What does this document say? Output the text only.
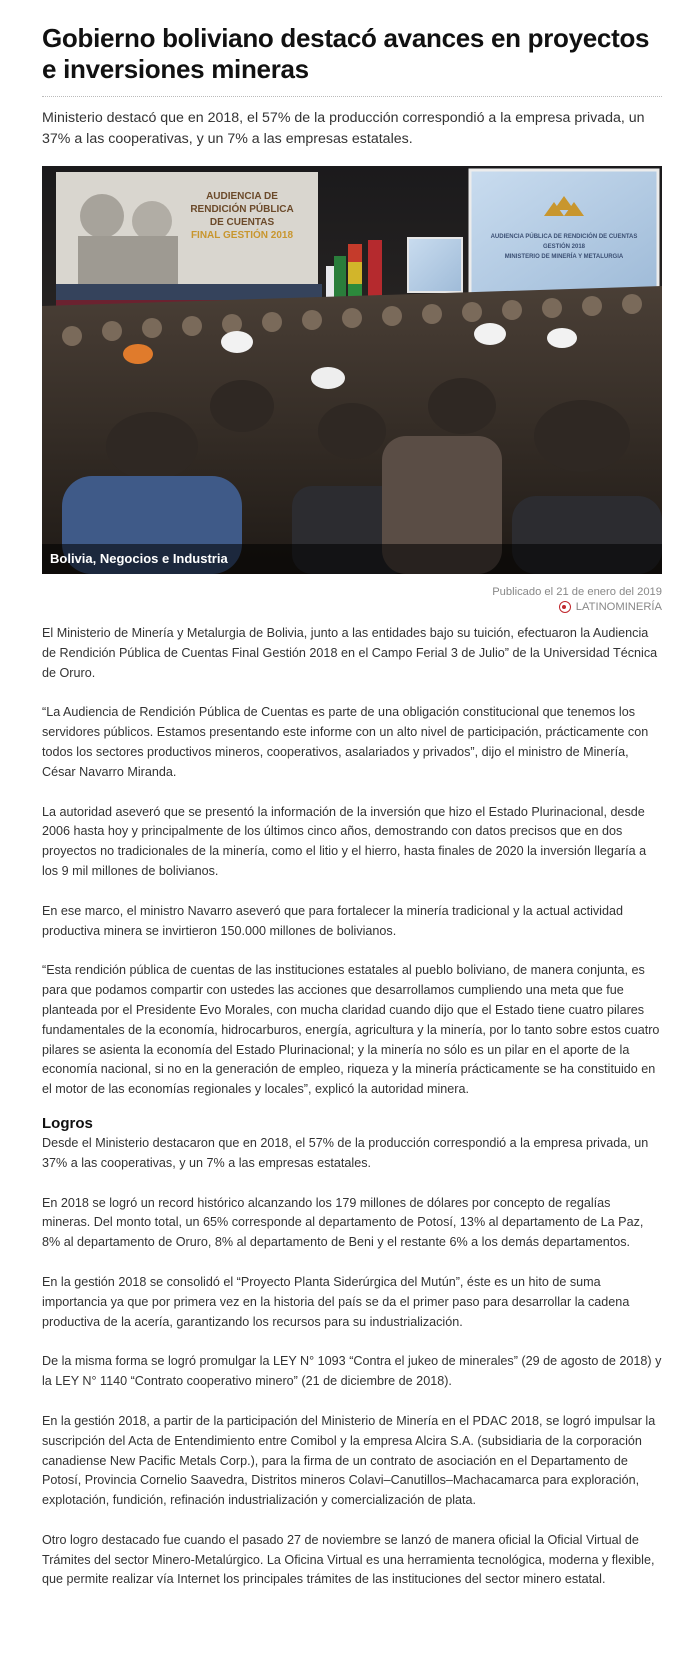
Gobierno boliviano destacó avances en proyectos e inversiones mineras

Ministerio destacó que en 2018, el 57% de la producción correspondió a la empresa privada, un 37% a las cooperativas, y un 7% a las empresas estatales.

AUDIENCIA DE
RENDICIÓN PÚBLICA
DE CUENTAS
FINAL GESTIÓN 2018	AUDIENCIA PÚBLICA DE RENDICIÓN DE CUENTAS
GESTIÓN 2018
MINISTERIO DE MINERÍA Y METALURGIA
Bolivia, Negocios e Industria
Publicado el 21 de enero del 2019
LATINOMINERÍA

El Ministerio de Minería y Metalurgia de Bolivia, junto a las entidades bajo su tuición, efectuaron la Audiencia de Rendición Pública de Cuentas Final Gestión 2018 en el Campo Ferial 3 de Julio” de la Universidad Técnica de Oruro.

“La Audiencia de Rendición Pública de Cuentas es parte de una obligación constitucional que tenemos los servidores públicos. Estamos presentando este informe con un alto nivel de participación, prácticamente con todos los sectores productivos mineros, cooperativos, asalariados y privados”, dijo el ministro de Minería, César Navarro Miranda.

La autoridad aseveró que se presentó la información de la inversión que hizo el Estado Plurinacional, desde 2006 hasta hoy y principalmente de los últimos cinco años, demostrando con datos precisos que en dos proyectos no tradicionales de la minería, como el litio y el hierro, hasta finales de 2020 la inversión llegaría a los 9 mil millones de bolivianos.

En ese marco, el ministro Navarro aseveró que para fortalecer la minería tradicional y la actual actividad productiva minera se invirtieron 150.000 millones de bolivianos.

“Esta rendición pública de cuentas de las instituciones estatales al pueblo boliviano, de manera conjunta, es para que podamos compartir con ustedes las acciones que desarrollamos cumpliendo una meta que fue planteada por el Presidente Evo Morales, con mucha claridad cuando dijo que el Estado tiene cuatro pilares fundamentales de la economía, hidrocarburos, energía, agricultura y la minería, por lo tanto sobre estos cuatro pilares se asienta la economía del Estado Plurinacional; y la minería no sólo es un pilar en el aporte de la economía nacional, si no en la generación de empleo, riqueza y la minería prácticamente se ha constituido en el motor de las economías regionales y locales”, explicó la autoridad minera.

Logros

Desde el Ministerio destacaron que en 2018, el 57% de la producción correspondió a la empresa privada, un 37% a las cooperativas, y un 7% a las empresas estatales.

En 2018 se logró un record histórico alcanzando los 179 millones de dólares por concepto de regalías mineras. Del monto total, un 65% corresponde al departamento de Potosí, 13% al departamento de La Paz, 8% al departamento de Oruro, 8% al departamento de Beni y el restante 6% a los demás departamentos.

En la gestión 2018 se consolidó el “Proyecto Planta Siderúrgica del Mutún”, éste es un hito de suma importancia ya que por primera vez en la historia del país se da el primer paso para desarrollar la cadena productiva de la acería, garantizando los recursos para su industrialización.

De la misma forma se logró promulgar la LEY N° 1093 “Contra el jukeo de minerales” (29 de agosto de 2018) y la LEY N° 1140 “Contrato cooperativo minero” (21 de diciembre de 2018).

En la gestión 2018, a partir de la participación del Ministerio de Minería en el PDAC 2018, se logró impulsar la suscripción del Acta de Entendimiento entre Comibol y la empresa Alcira S.A. (subsidiaria de la corporación canadiense New Pacific Metals Corp.), para la firma de un contrato de asociación en el Departamento de Potosí, Provincia Cornelio Saavedra, Distritos mineros Colavi–Canutillos–Machacamarca para exploración, explotación, fundición, refinación industrialización y comercialización de plata.

Otro logro destacado fue cuando el pasado 27 de noviembre se lanzó de manera oficial la Oficial Virtual de Trámites del sector Minero-Metalúrgico. La Oficina Virtual es una herramienta tecnológica, moderna y flexible, que permite realizar vía Internet los principales trámites de las instituciones del sector minero estatal.
